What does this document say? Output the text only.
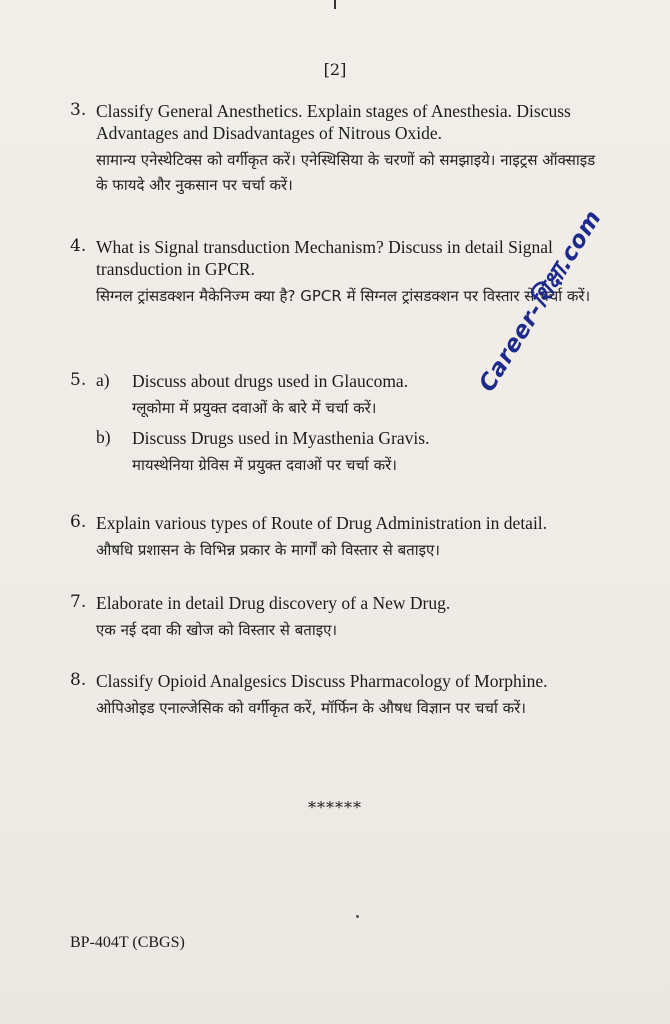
[2]
3. Classify General Anesthetics. Explain stages of Anesthesia. Discuss Advantages and Disadvantages of Nitrous Oxide.
सामान्य एनेस्थेटिक्स को वर्गीकृत करें। एनेस्थिसिया के चरणों को समझाइये। नाइट्रस ऑक्साइड के फायदे और नुकसान पर चर्चा करें।
4. What is Signal transduction Mechanism? Discuss in detail Signal transduction in GPCR.
सिग्नल ट्रांसडक्शन मैकेनिज्म क्या है? GPCR में सिग्नल ट्रांसडक्शन पर विस्तार से चर्चा करें।
5. a) Discuss about drugs used in Glaucoma.
ग्लूकोमा में प्रयुक्त दवाओं के बारे में चर्चा करें।
b) Discuss Drugs used in Myasthenia Gravis.
मायस्थेनिया ग्रेविस में प्रयुक्त दवाओं पर चर्चा करें।
6. Explain various types of Route of Drug Administration in detail.
औषधि प्रशासन के विभिन्न प्रकार के मार्गों को विस्तार से बताइए।
7. Elaborate in detail Drug discovery of a New Drug.
एक नई दवा की खोज को विस्तार से बताइए।
8. Classify Opioid Analgesics Discuss Pharmacology of Morphine.
ओपिओइड एनाल्जेसिक को वर्गीकृत करें, मॉर्फिन के औषध विज्ञान पर चर्चा करें।
******
BP-404T (CBGS)
Career-शिक्षा.com
